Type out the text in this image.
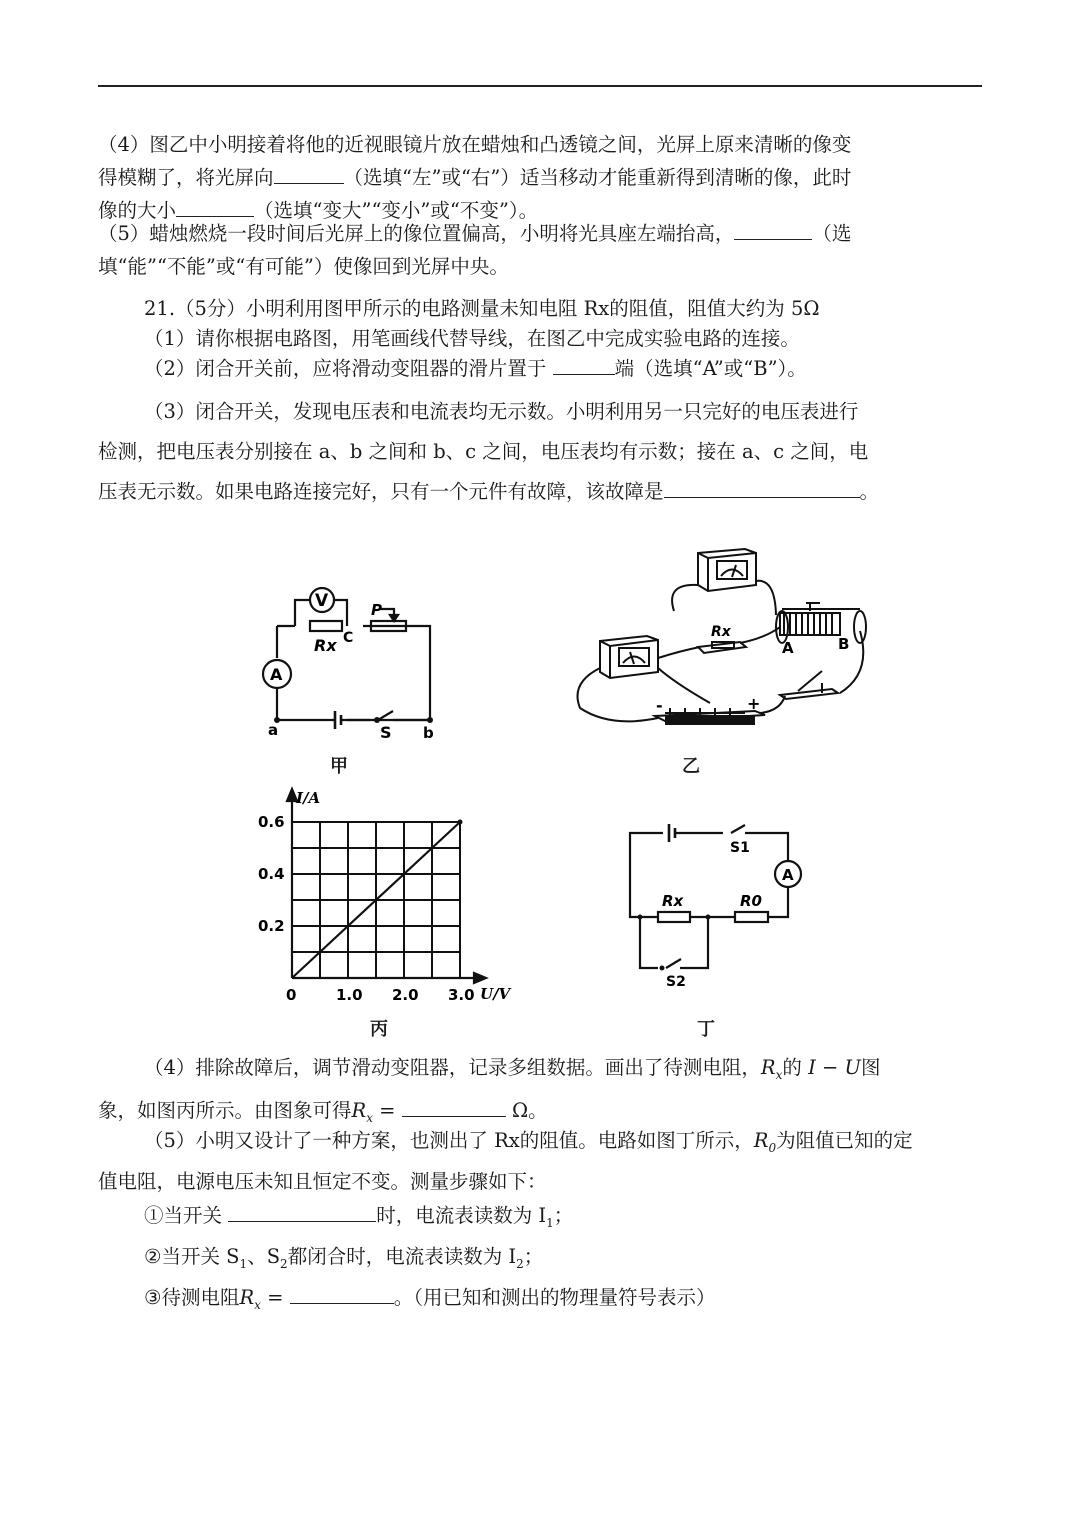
（4）图乙中小明接着将他的近视眼镜片放在蜡烛和凸透镜之间，光屏上原来清晰的像变
得模糊了，将光屏向	（选填“左”或“右”）适当移动才能重新得到清晰的像，此时
像的大小	（选填“变大”“变小”或“不变”）。

（5）蜡烛燃烧一段时间后光屏上的像位置偏高，小明将光具座左端抬高，	（选
填“能”“不能”或“有可能”）使像回到光屏中央。

21.（5分）小明利用图甲所示的电路测量未知电阻 Rx的阻值，阻值大约为 5Ω
（1）请你根据电路图，用笔画线代替导线，在图乙中完成实验电路的连接。
（2）闭合开关前，应将滑动变阻器的滑片置于	端（选填“A”或“B”）。

（3）闭合开关，发现电压表和电流表均无示数。小明利用另一只完好的电压表进行
检测，把电压表分别接在 a、b 之间和 b、c 之间，电压表均有示数；接在 a、c 之间，电
压表无示数。如果电路连接完好，只有一个元件有故障，该故障是	。

V
A
Rx C
P
a	S b
甲
Rx
A	B
-	+
乙
I/A
U/V
0	1.0 2.0 3.0
0.2
0.4
0.6
丙
S1
A
Rx	R0
S2
丁

（4）排除故障后，调节滑动变阻器，记录多组数据。画出了待测电阻，$R_x$的 I − U图
象，如图丙所示。由图象可得$R_x$ =	Ω。

（5）小明又设计了一种方案，也测出了 Rx的阻值。电路如图丁所示，$R_0$为阻值已知的定
值电阻，电源电压未知且恒定不变。测量步骤如下：
①当开关	时，电流表读数为 $I_1$；
②当开关 $S_1$、$S_2$都闭合时，电流表读数为 $I_2$；
③待测电阻$R_x$ =	。（用已知和测出的物理量符号表示）
